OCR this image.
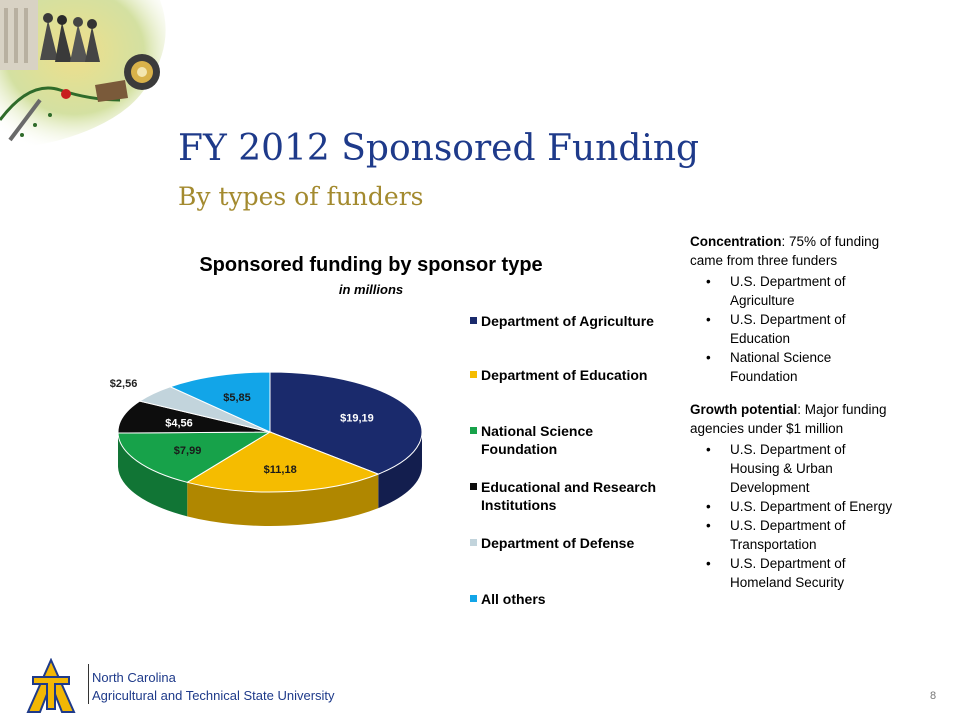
FY 2012 Sponsored Funding
By types of funders
Sponsored funding by sponsor type
in millions
$19,19
$11,18
$7,99
$4,56
$2,56
$5,85
Department of Agriculture
Department of Education
National Science Foundation
Educational and Research Institutions
Department of Defense
All others

Concentration: 75% of funding came from three funders

• U.S. Department of Agriculture
• U.S. Department of Education
• National Science Foundation

Growth potential: Major funding agencies under $1 million

• U.S. Department of Housing & Urban Development
• U.S. Department of Energy
• U.S. Department of Transportation
• U.S. Department of Homeland Security
North Carolina
Agricultural and Technical State University	8
